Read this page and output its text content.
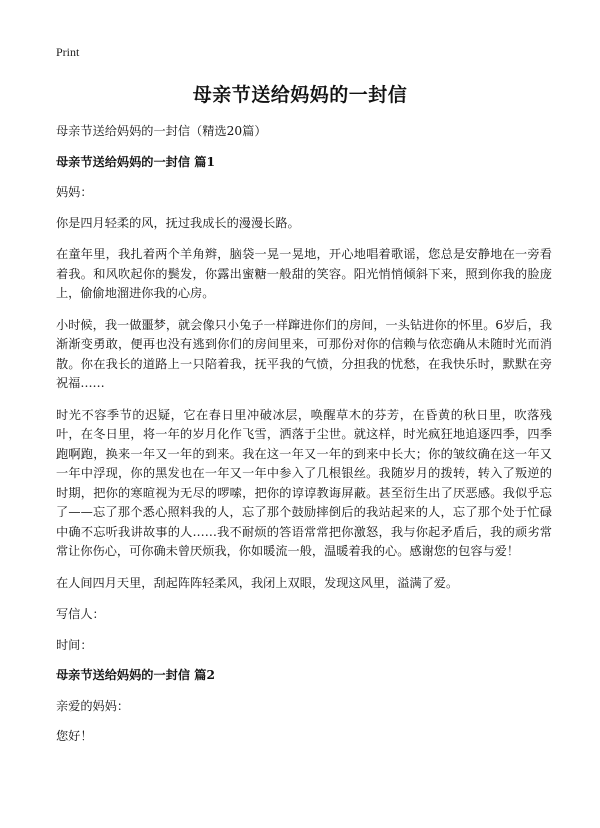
Print
母亲节送给妈妈的一封信

母亲节送给妈妈的一封信（精选20篇）

母亲节送给妈妈的一封信 篇1

妈妈：

你是四月轻柔的风，抚过我成长的漫漫长路。

在童年里，我扎着两个羊角辫，脑袋一晃一晃地，开心地唱着歌谣，您总是安静地在一旁看着我。和风吹起你的鬓发，你露出蜜糖一般甜的笑容。阳光悄悄倾斜下来，照到你我的脸庞上，偷偷地溜进你我的心房。

小时候，我一做噩梦，就会像只小兔子一样蹿进你们的房间，一头钻进你的怀里。6岁后，我渐渐变勇敢，便再也没有逃到你们的房间里来，可那份对你的信赖与依恋确从未随时光而消散。你在我长的道路上一只陪着我，抚平我的气愤，分担我的忧愁，在我快乐时，默默在旁祝福……

时光不容季节的迟疑，它在春日里冲破冰层，唤醒草木的芬芳，在昏黄的秋日里，吹落残叶，在冬日里，将一年的岁月化作飞雪，洒落于尘世。就这样，时光疯狂地追逐四季，四季跑啊跑，换来一年又一年的到来。我在这一年又一年的到来中长大；你的皱纹确在这一年又一年中浮现，你的黑发也在一年又一年中参入了几根银丝。我随岁月的拨转，转入了叛逆的时期，把你的寒暄视为无尽的啰嗦，把你的谆谆教诲屏蔽。甚至衍生出了厌恶感。我似乎忘了——忘了那个悉心照料我的人，忘了那个鼓励摔倒后的我站起来的人，忘了那个处于忙碌中确不忘听我讲故事的人……我不耐烦的答语常常把你激怒，我与你起矛盾后，我的顽劣常常让你伤心，可你确未曾厌烦我，你如暖流一般，温暖着我的心。感谢您的包容与爱！

在人间四月天里，刮起阵阵轻柔风，我闭上双眼，发现这风里，溢满了爱。

写信人：

时间：

母亲节送给妈妈的一封信 篇2

亲爱的妈妈：

您好！
